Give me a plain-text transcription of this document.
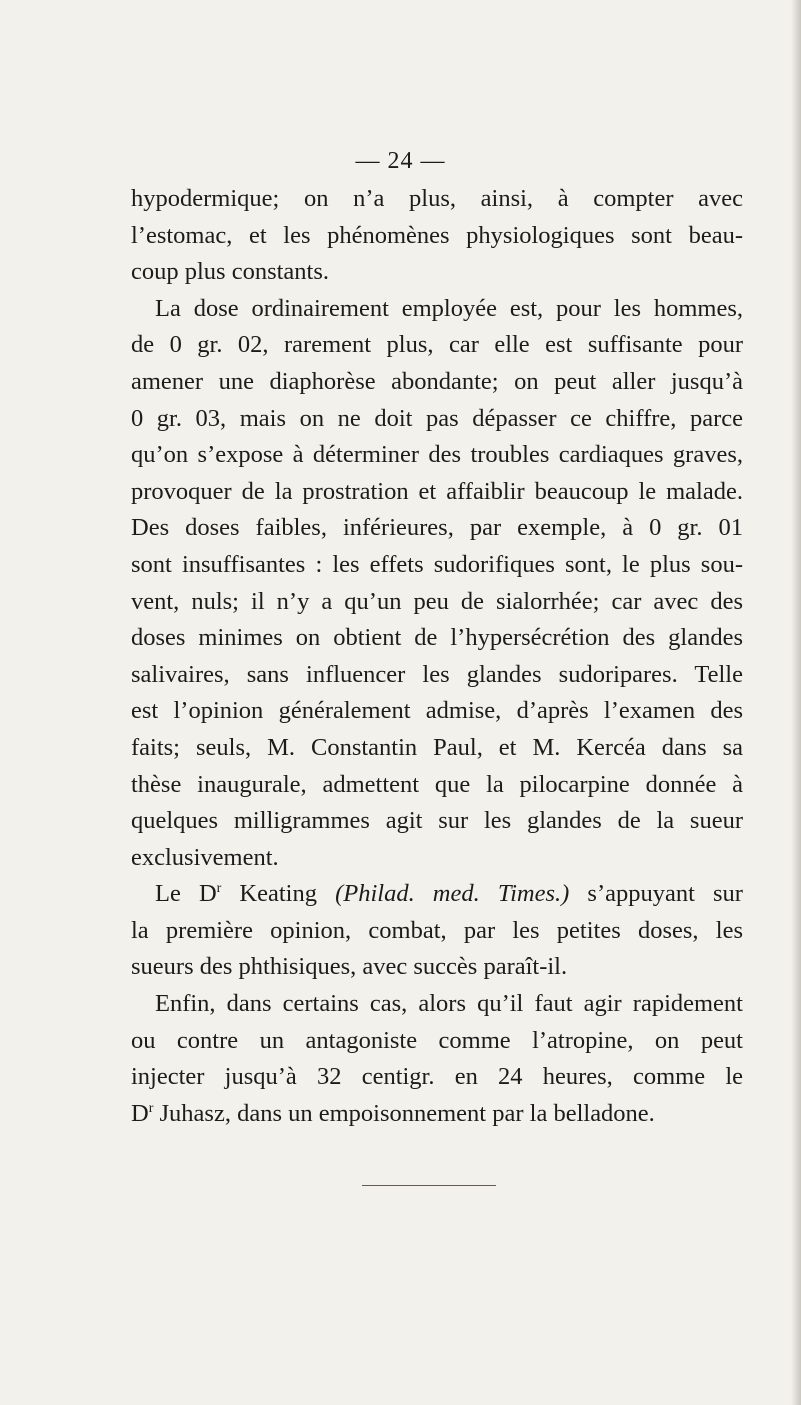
— 24 —
hypodermique; on n’a plus, ainsi, à compter avec
l’estomac, et les phénomènes physiologiques sont beau-
coup plus constants.
La dose ordinairement employée est, pour les hommes,
de 0 gr. 02, rarement plus, car elle est suffisante pour
amener une diaphorèse abondante; on peut aller jusqu’à
0 gr. 03, mais on ne doit pas dépasser ce chiffre, parce
qu’on s’expose à déterminer des troubles cardiaques graves,
provoquer de la prostration et affaiblir beaucoup le malade.
Des doses faibles, inférieures, par exemple, à 0 gr. 01
sont insuffisantes : les effets sudorifiques sont, le plus sou-
vent, nuls; il n’y a qu’un peu de sialorrhée; car avec des
doses minimes on obtient de l’hypersécrétion des glandes
salivaires, sans influencer les glandes sudoripares. Telle
est l’opinion généralement admise, d’après l’examen des
faits; seuls, M. Constantin Paul, et M. Kercéa dans sa
thèse inaugurale, admettent que la pilocarpine donnée à
quelques milligrammes agit sur les glandes de la sueur
exclusivement.
Le $D^r$ Keating (Philad. med. Times.) s’appuyant sur
la première opinion, combat, par les petites doses, les
sueurs des phthisiques, avec succès paraît-il.
Enfin, dans certains cas, alors qu’il faut agir rapidement
ou contre un antagoniste comme l’atropine, on peut
injecter jusqu’à 32 centigr. en 24 heures, comme le
$D^r$ Juhasz, dans un empoisonnement par la belladone.
